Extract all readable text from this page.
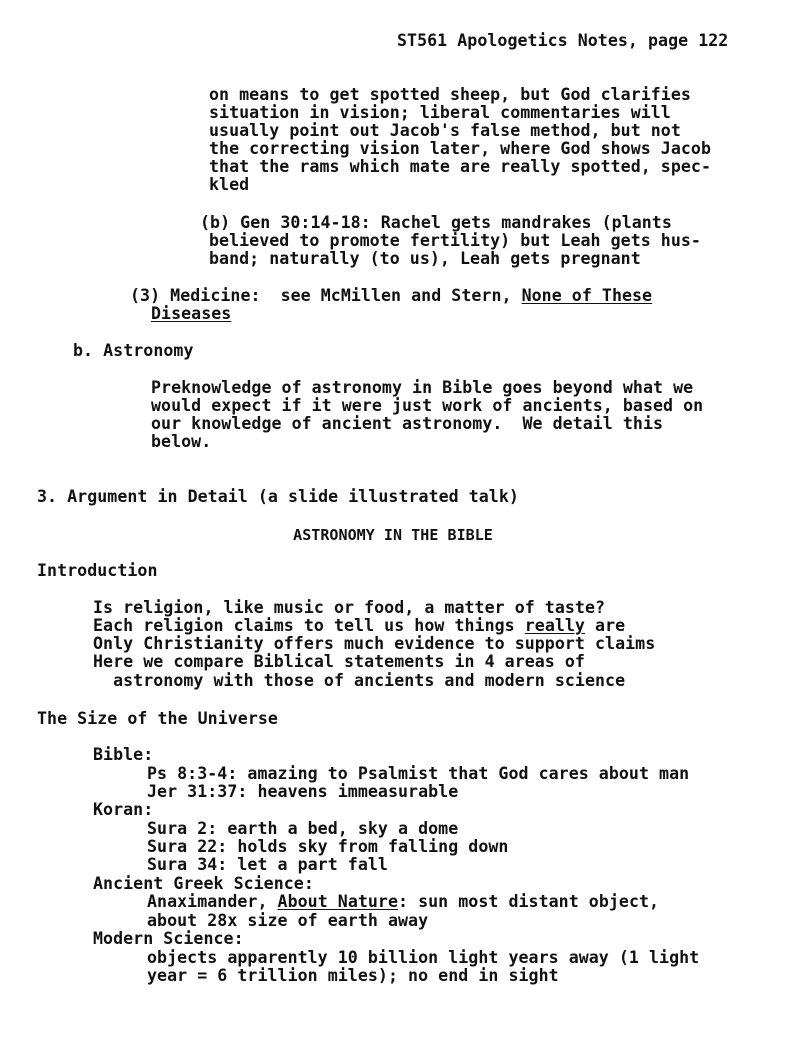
ST561 Apologetics Notes, page 122
on means to get spotted sheep, but God clarifies
situation in vision; liberal commentaries will
usually point out Jacob's false method, but not
the correcting vision later, where God shows Jacob
that the rams which mate are really spotted, spec-
kled
(b) Gen 30:14-18: Rachel gets mandrakes (plants
believed to promote fertility) but Leah gets hus-
band; naturally (to us), Leah gets pregnant
(3) Medicine:  see McMillen and Stern, None of These
Diseases
b. Astronomy
Preknowledge of astronomy in Bible goes beyond what we
would expect if it were just work of ancients, based on
our knowledge of ancient astronomy.  We detail this
below.
3. Argument in Detail (a slide illustrated talk)
ASTRONOMY IN THE BIBLE
Introduction
Is religion, like music or food, a matter of taste?
Each religion claims to tell us how things really are
Only Christianity offers much evidence to support claims
Here we compare Biblical statements in 4 areas of
astronomy with those of ancients and modern science
The Size of the Universe
Bible:
Ps 8:3-4: amazing to Psalmist that God cares about man
Jer 31:37: heavens immeasurable
Koran:
Sura 2: earth a bed, sky a dome
Sura 22: holds sky from falling down
Sura 34: let a part fall
Ancient Greek Science:
Anaximander, About Nature: sun most distant object,
about 28x size of earth away
Modern Science:
objects apparently 10 billion light years away (1 light
year = 6 trillion miles); no end in sight
